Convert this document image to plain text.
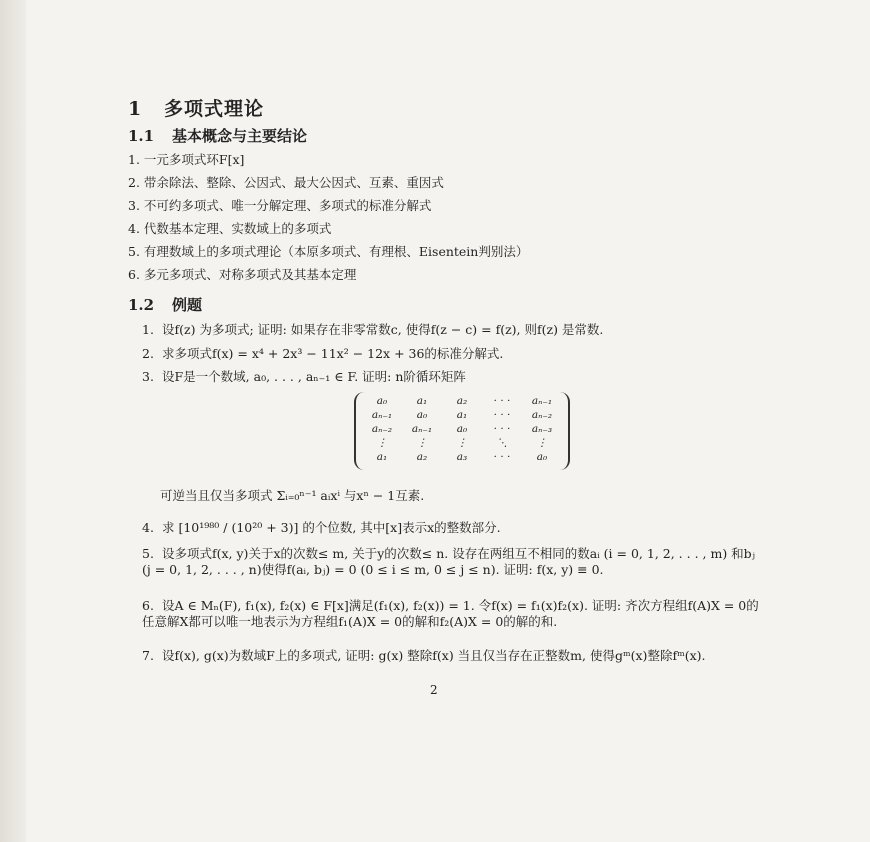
1 多项式理论
1.1 基本概念与主要结论
1. 一元多项式环F[x]
2. 带余除法、整除、公因式、最大公因式、互素、重因式
3. 不可约多项式、唯一分解定理、多项式的标准分解式
4. 代数基本定理、实数域上的多项式
5. 有理数域上的多项式理论（本原多项式、有理根、Eisentein判别法）
6. 多元多项式、对称多项式及其基本定理
1.2 例题
1. 设f(z) 为多项式; 证明: 如果存在非零常数c, 使得f(z − c) = f(z), 则f(z) 是常数.
2. 求多项式f(x) = x⁴ + 2x³ − 11x² − 12x + 36的标准分解式.
3. 设F是一个数域, a₀, . . . , aₙ₋₁ ∈ F. 证明: n阶循环矩阵
a₀	a₁	a₂	· · ·	aₙ₋₁
aₙ₋₁	a₀	a₁	· · ·	aₙ₋₂
aₙ₋₂	aₙ₋₁	a₀	· · ·	aₙ₋₃
⋮	⋮	⋮	⋱	⋮
a₁	a₂	a₃	· · ·	a₀
可逆当且仅当多项式 Σᵢ₌₀ⁿ⁻¹ aᵢxⁱ 与xⁿ − 1互素.
4. 求 [10¹⁹⁸⁰ / (10²⁰ + 3)] 的个位数, 其中[x]表示x的整数部分.
5. 设多项式f(x, y)关于x的次数≤ m, 关于y的次数≤ n. 设存在两组互不相同的数aᵢ (i = 0, 1, 2, . . . , m) 和bⱼ (j = 0, 1, 2, . . . , n)使得f(aᵢ, bⱼ) = 0 (0 ≤ i ≤ m, 0 ≤ j ≤ n). 证明: f(x, y) ≡ 0.
6. 设A ∈ Mₙ(F), f₁(x), f₂(x) ∈ F[x]满足(f₁(x), f₂(x)) = 1. 令f(x) = f₁(x)f₂(x). 证明: 齐次方程组f(A)X = 0的任意解X都可以唯一地表示为方程组f₁(A)X = 0的解和f₂(A)X = 0的解的和.
7. 设f(x), g(x)为数域F上的多项式, 证明: g(x) 整除f(x) 当且仅当存在正整数m, 使得gᵐ(x)整除fᵐ(x).
2
